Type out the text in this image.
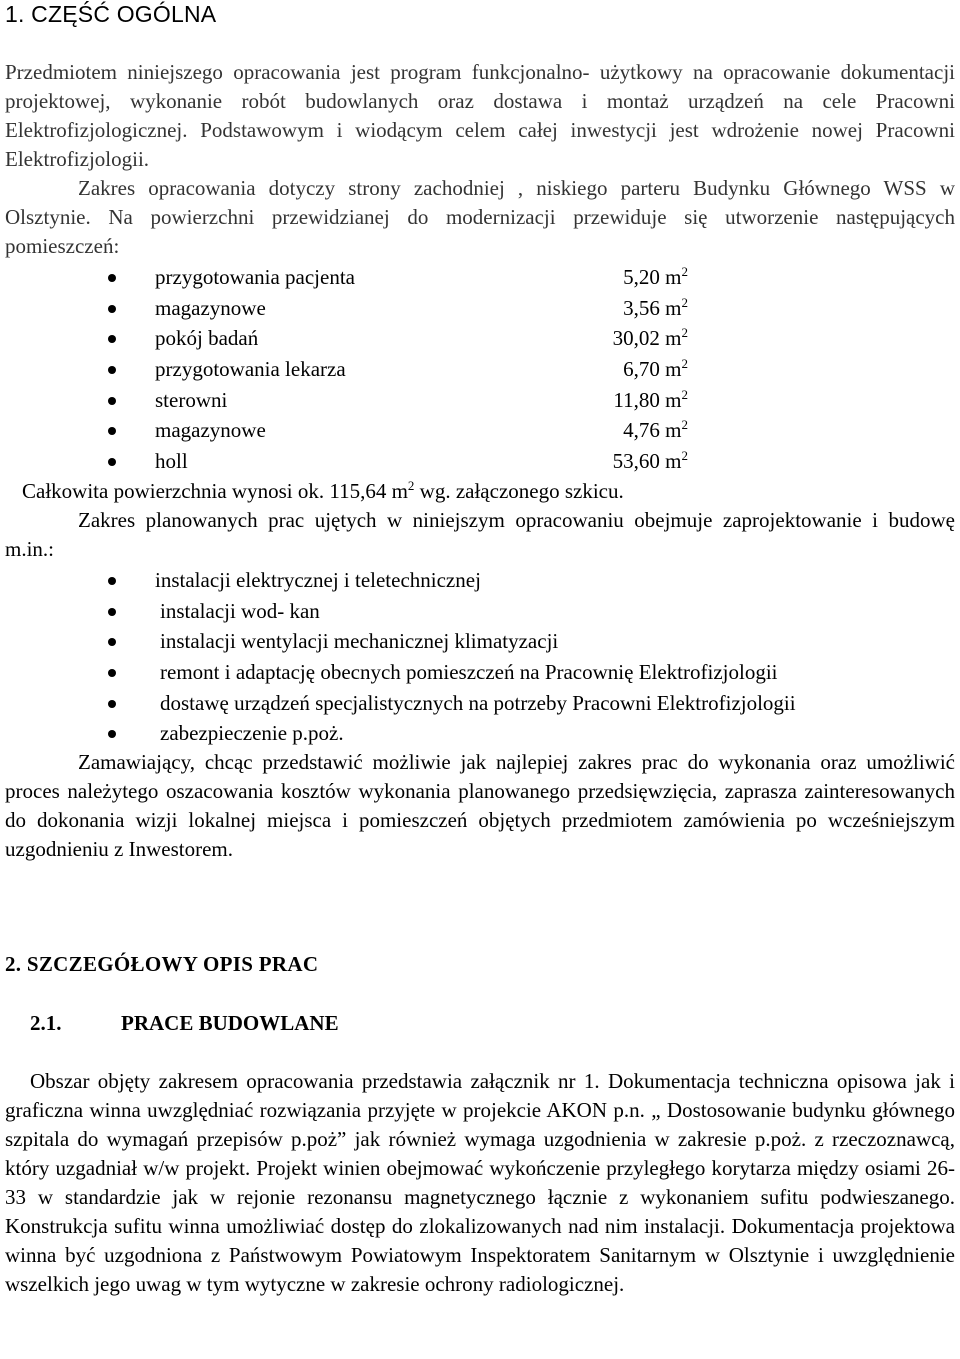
1. CZĘŚĆ OGÓLNA
Przedmiotem niniejszego opracowania jest program funkcjonalno- użytkowy na opracowanie dokumentacji projektowej, wykonanie robót budowlanych oraz dostawa i montaż urządzeń na cele Pracowni Elektrofizjologicznej. Podstawowym i wiodącym celem całej inwestycji jest wdrożenie nowej Pracowni Elektrofizjologii.
Zakres opracowania dotyczy strony zachodniej , niskiego parteru Budynku Głównego WSS w Olsztynie. Na powierzchni przewidzianej do modernizacji przewiduje się utworzenie następujących pomieszczeń:
przygotowania pacjenta	5,20 $m^2$
magazynowe	3,56 $m^2$
pokój badań	30,02 $m^2$
przygotowania lekarza	6,70 $m^2$
sterowni	11,80 $m^2$
magazynowe	4,76 $m^2$
holl	53,60 $m^2$
Całkowita powierzchnia wynosi ok. 115,64 $m^2$ wg. załączonego szkicu.
Zakres planowanych prac ujętych w niniejszym opracowaniu obejmuje zaprojektowanie i budowę m.in.:
instalacji elektrycznej i teletechnicznej
instalacji wod- kan
instalacji wentylacji mechanicznej klimatyzacji
remont i adaptację obecnych pomieszczeń na Pracownię Elektrofizjologii
dostawę urządzeń specjalistycznych na potrzeby Pracowni Elektrofizjologii
zabezpieczenie p.poż.
Zamawiający, chcąc przedstawić możliwie jak najlepiej zakres prac do wykonania oraz umożliwić proces należytego oszacowania kosztów wykonania planowanego przedsięwzięcia, zaprasza zainteresowanych do dokonania wizji lokalnej miejsca i pomieszczeń objętych przedmiotem zamówienia po wcześniejszym uzgodnieniu z Inwestorem.
2. SZCZEGÓŁOWY OPIS PRAC
2.1.	PRACE BUDOWLANE
Obszar objęty zakresem opracowania przedstawia załącznik nr 1. Dokumentacja techniczna opisowa jak i graficzna winna uwzględniać rozwiązania przyjęte w projekcie AKON p.n. „ Dostosowanie budynku głównego szpitala do wymagań przepisów p.poż” jak również wymaga uzgodnienia w zakresie p.poż. z rzeczoznawcą, który uzgadniał w/w projekt. Projekt winien obejmować wykończenie przyległego korytarza między osiami 26-33 w standardzie jak w rejonie rezonansu magnetycznego łącznie z wykonaniem sufitu podwieszanego. Konstrukcja sufitu winna umożliwiać dostęp do zlokalizowanych nad nim instalacji. Dokumentacja projektowa winna być uzgodniona z Państwowym Powiatowym Inspektoratem Sanitarnym w Olsztynie i uwzględnienie wszelkich jego uwag w tym wytyczne w zakresie ochrony radiologicznej.
